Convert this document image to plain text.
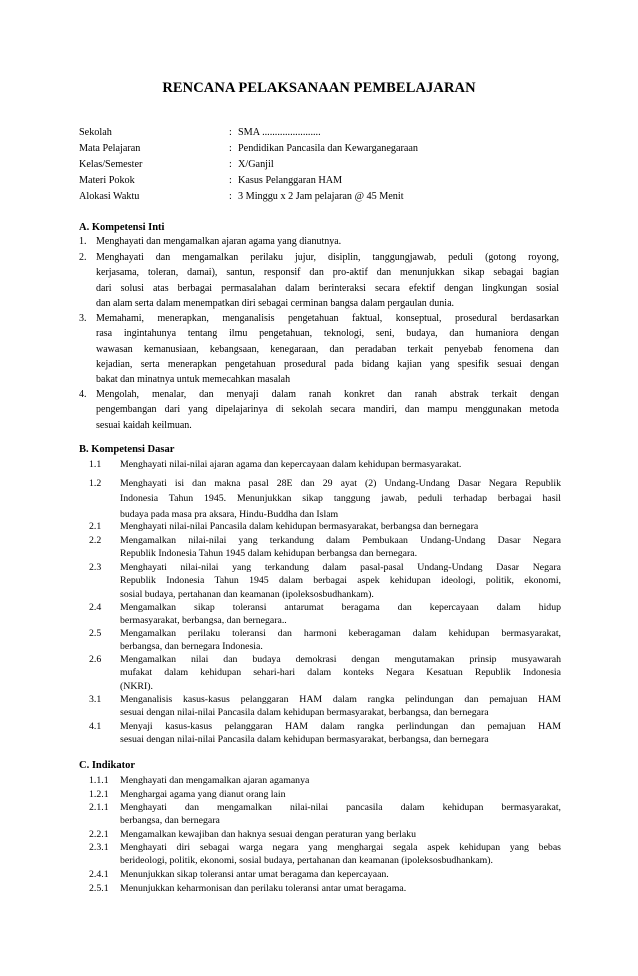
RENCANA PELAKSANAAN PEMBELAJARAN
Sekolah	: SMA .......................
Mata Pelajaran	: Pendidikan Pancasila dan Kewarganegaraan
Kelas/Semester	: X/Ganjil
Materi Pokok	: Kasus Pelanggaran HAM
Alokasi Waktu	: 3 Minggu x 2 Jam pelajaran @ 45 Menit
A. Kompetensi Inti
1. Menghayati dan mengamalkan ajaran agama yang dianutnya.
2. Menghayati dan mengamalkan perilaku jujur, disiplin, tanggungjawab, peduli (gotong royong,
kerjasama, toleran, damai), santun, responsif dan pro-aktif dan menunjukkan sikap sebagai bagian
dari solusi atas berbagai permasalahan dalam berinteraksi secara efektif dengan lingkungan sosial
dan alam serta dalam menempatkan diri sebagai cerminan bangsa dalam pergaulan dunia.
3. Memahami, menerapkan, menganalisis pengetahuan faktual, konseptual, prosedural berdasarkan
rasa ingintahunya tentang ilmu pengetahuan, teknologi, seni, budaya, dan humaniora dengan
wawasan kemanusiaan, kebangsaan, kenegaraan, dan peradaban terkait penyebab fenomena dan
kejadian, serta menerapkan pengetahuan prosedural pada bidang kajian yang spesifik sesuai dengan
bakat dan minatnya untuk memecahkan masalah
4. Mengolah, menalar, dan menyaji dalam ranah konkret dan ranah abstrak terkait dengan
pengembangan dari yang dipelajarinya di sekolah secara mandiri, dan mampu menggunakan metoda
sesuai kaidah keilmuan.
B. Kompetensi Dasar
1.1 Menghayati nilai-nilai ajaran agama dan kepercayaan dalam kehidupan bermasyarakat.
1.2 Menghayati isi dan makna pasal 28E dan 29 ayat (2) Undang-Undang Dasar Negara Republik
Indonesia Tahun 1945. Menunjukkan sikap tanggung jawab, peduli terhadap berbagai hasil
budaya pada masa pra aksara, Hindu-Buddha dan Islam
2.1 Menghayati nilai-nilai Pancasila dalam kehidupan bermasyarakat, berbangsa dan bernegara
2.2 Mengamalkan nilai-nilai yang terkandung dalam Pembukaan Undang-Undang Dasar Negara
Republik Indonesia Tahun 1945 dalam kehidupan berbangsa dan bernegara.
2.3 Menghayati nilai-nilai yang terkandung dalam pasal-pasal Undang-Undang Dasar Negara
Republik Indonesia Tahun 1945 dalam berbagai aspek kehidupan ideologi, politik, ekonomi,
sosial budaya, pertahanan dan keamanan (ipoleksosbudhankam).
2.4 Mengamalkan sikap toleransi antarumat beragama dan kepercayaan dalam hidup
bermasyarakat, berbangsa, dan bernegara..
2.5 Mengamalkan perilaku toleransi dan harmoni keberagaman dalam kehidupan bermasyarakat,
berbangsa, dan bernegara Indonesia.
2.6 Mengamalkan nilai dan budaya demokrasi dengan mengutamakan prinsip musyawarah
mufakat dalam kehidupan sehari-hari dalam konteks Negara Kesatuan Republik Indonesia
(NKRI).
3.1 Menganalisis kasus-kasus pelanggaran HAM dalam rangka pelindungan dan pemajuan HAM
sesuai dengan nilai-nilai Pancasila dalam kehidupan bermasyarakat, berbangsa, dan bernegara
4.1 Menyaji kasus-kasus pelanggaran HAM dalam rangka perlindungan dan pemajuan HAM
sesuai dengan nilai-nilai Pancasila dalam kehidupan bermasyarakat, berbangsa, dan bernegara
C. Indikator
1.1.1 Menghayati dan mengamalkan ajaran agamanya
1.2.1 Menghargai agama yang dianut orang lain
2.1.1 Menghayati dan mengamalkan nilai-nilai pancasila dalam kehidupan bermasyarakat,
berbangsa, dan bernegara
2.2.1 Mengamalkan kewajiban dan haknya sesuai dengan peraturan yang berlaku
2.3.1 Menghayati diri sebagai warga negara yang menghargai segala aspek kehidupan yang bebas
berideologi, politik, ekonomi, sosial budaya, pertahanan dan keamanan (ipoleksosbudhankam).
2.4.1 Menunjukkan sikap toleransi antar umat beragama dan kepercayaan.
2.5.1 Menunjukkan keharmonisan dan perilaku toleransi antar umat beragama.
